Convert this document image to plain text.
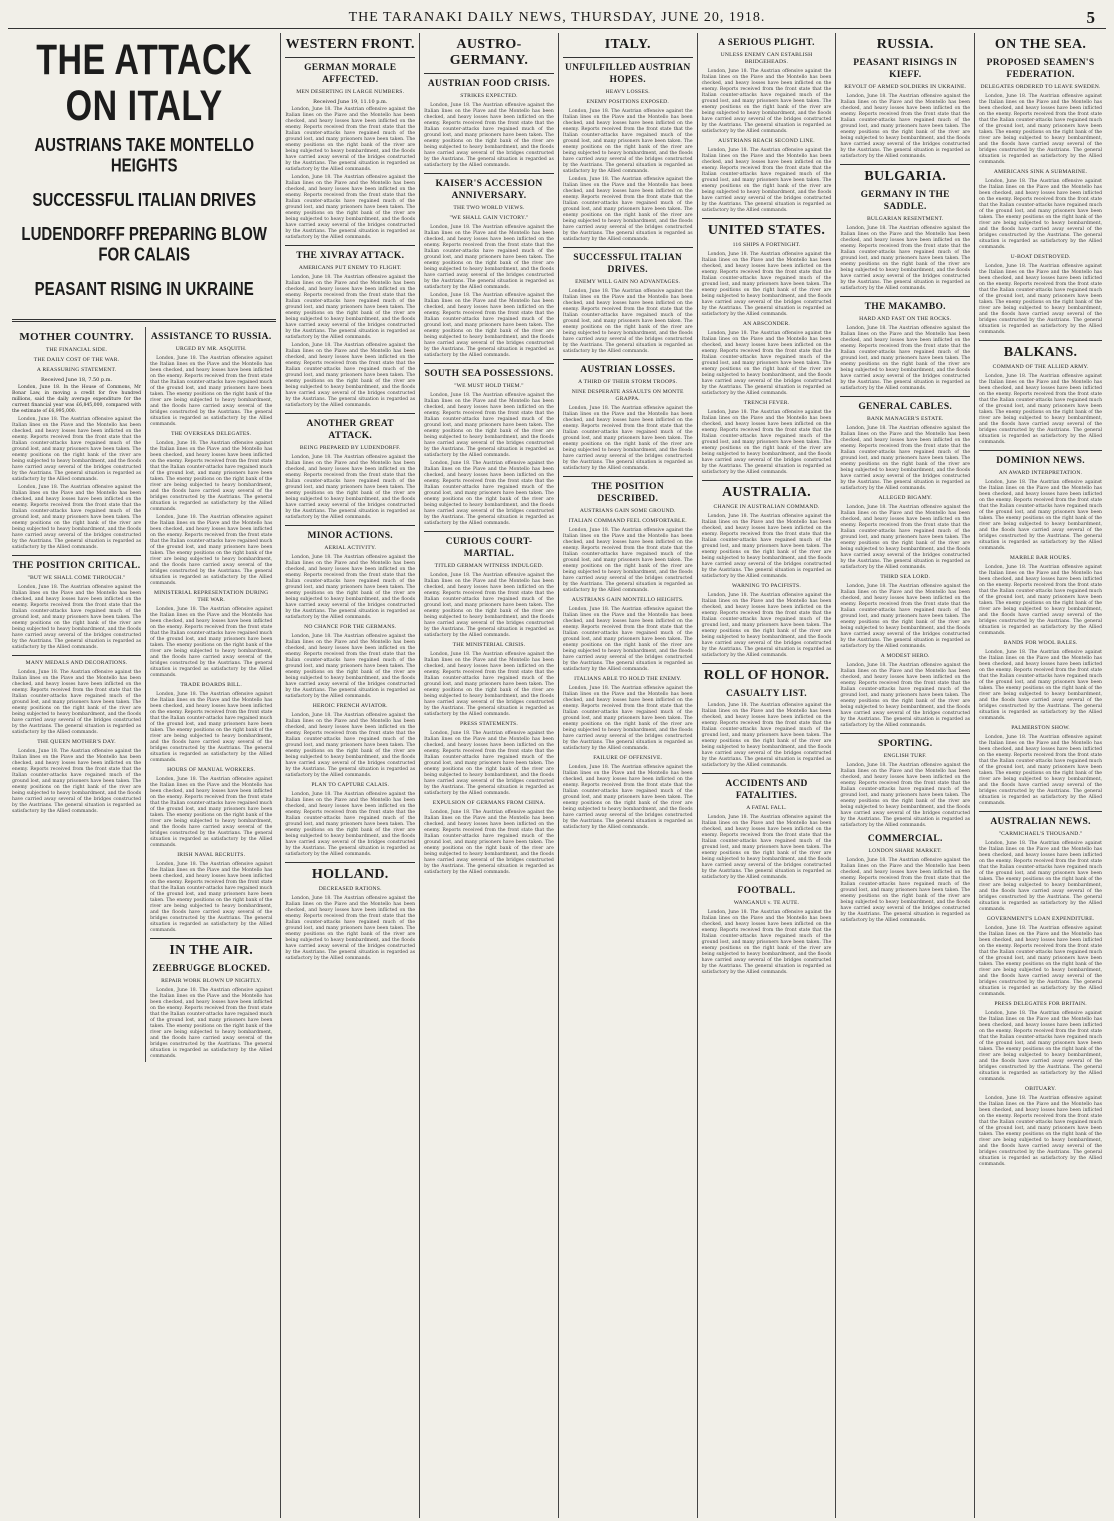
THE TARANAKI DAILY NEWS, THURSDAY, JUNE 20, 1918.	5
THE ATTACK ON ITALY
AUSTRIANS TAKE MONTELLO HEIGHTS
SUCCESSFUL ITALIAN DRIVES
LUDENDORFF PREPARING BLOW FOR CALAIS
PEASANT RISING IN UKRAINE
MOTHER COUNTRY.
THE FINANCIAL SIDE.
THE DAILY COST OF THE WAR.
A REASSURING STATEMENT.
Received June 18, 7.50 p.m.

London, June 18. In the House of Commons, Mr Bonar Law, in moving a credit for five hundred millions, said the daily average expenditure for the current financial year was £6,845,000, compared with the estimate of £6,995,000.

London, June 18. The Austrian offensive against the Italian lines on the Piave and the Montello has been checked, and heavy losses have been inflicted on the enemy. Reports received from the front state that the Italian counter-attacks have regained much of the ground lost, and many prisoners have been taken. The enemy positions on the right bank of the river are being subjected to heavy bombardment, and the floods have carried away several of the bridges constructed by the Austrians. The general situation is regarded as satisfactory by the Allied commands.

London, June 18. The Austrian offensive against the Italian lines on the Piave and the Montello has been checked, and heavy losses have been inflicted on the enemy. Reports received from the front state that the Italian counter-attacks have regained much of the ground lost, and many prisoners have been taken. The enemy positions on the right bank of the river are being subjected to heavy bombardment, and the floods have carried away several of the bridges constructed by the Austrians. The general situation is regarded as satisfactory by the Allied commands.

THE POSITION CRITICAL.
"BUT WE SHALL COME THROUGH."

London, June 18. The Austrian offensive against the Italian lines on the Piave and the Montello has been checked, and heavy losses have been inflicted on the enemy. Reports received from the front state that the Italian counter-attacks have regained much of the ground lost, and many prisoners have been taken. The enemy positions on the right bank of the river are being subjected to heavy bombardment, and the floods have carried away several of the bridges constructed by the Austrians. The general situation is regarded as satisfactory by the Allied commands.

MANY MEDALS AND DECORATIONS.

London, June 18. The Austrian offensive against the Italian lines on the Piave and the Montello has been checked, and heavy losses have been inflicted on the enemy. Reports received from the front state that the Italian counter-attacks have regained much of the ground lost, and many prisoners have been taken. The enemy positions on the right bank of the river are being subjected to heavy bombardment, and the floods have carried away several of the bridges constructed by the Austrians. The general situation is regarded as satisfactory by the Allied commands.

THE QUEEN MOTHER'S DAY.

London, June 18. The Austrian offensive against the Italian lines on the Piave and the Montello has been checked, and heavy losses have been inflicted on the enemy. Reports received from the front state that the Italian counter-attacks have regained much of the ground lost, and many prisoners have been taken. The enemy positions on the right bank of the river are being subjected to heavy bombardment, and the floods have carried away several of the bridges constructed by the Austrians. The general situation is regarded as satisfactory by the Allied commands.

ASSISTANCE TO RUSSIA.
URGED BY MR. ASQUITH.

London, June 18. The Austrian offensive against the Italian lines on the Piave and the Montello has been checked, and heavy losses have been inflicted on the enemy. Reports received from the front state that the Italian counter-attacks have regained much of the ground lost, and many prisoners have been taken. The enemy positions on the right bank of the river are being subjected to heavy bombardment, and the floods have carried away several of the bridges constructed by the Austrians. The general situation is regarded as satisfactory by the Allied commands.

THE OVERSEAS DELEGATES.

London, June 18. The Austrian offensive against the Italian lines on the Piave and the Montello has been checked, and heavy losses have been inflicted on the enemy. Reports received from the front state that the Italian counter-attacks have regained much of the ground lost, and many prisoners have been taken. The enemy positions on the right bank of the river are being subjected to heavy bombardment, and the floods have carried away several of the bridges constructed by the Austrians. The general situation is regarded as satisfactory by the Allied commands.

London, June 18. The Austrian offensive against the Italian lines on the Piave and the Montello has been checked, and heavy losses have been inflicted on the enemy. Reports received from the front state that the Italian counter-attacks have regained much of the ground lost, and many prisoners have been taken. The enemy positions on the right bank of the river are being subjected to heavy bombardment, and the floods have carried away several of the bridges constructed by the Austrians. The general situation is regarded as satisfactory by the Allied commands.

MINISTERIAL REPRESENTATION DURING THE WAR.

London, June 18. The Austrian offensive against the Italian lines on the Piave and the Montello has been checked, and heavy losses have been inflicted on the enemy. Reports received from the front state that the Italian counter-attacks have regained much of the ground lost, and many prisoners have been taken. The enemy positions on the right bank of the river are being subjected to heavy bombardment, and the floods have carried away several of the bridges constructed by the Austrians. The general situation is regarded as satisfactory by the Allied commands.

TRADE BOARDS BILL.

London, June 18. The Austrian offensive against the Italian lines on the Piave and the Montello has been checked, and heavy losses have been inflicted on the enemy. Reports received from the front state that the Italian counter-attacks have regained much of the ground lost, and many prisoners have been taken. The enemy positions on the right bank of the river are being subjected to heavy bombardment, and the floods have carried away several of the bridges constructed by the Austrians. The general situation is regarded as satisfactory by the Allied commands.

HOURS OF MANUAL WORKERS.

London, June 18. The Austrian offensive against the Italian lines on the Piave and the Montello has been checked, and heavy losses have been inflicted on the enemy. Reports received from the front state that the Italian counter-attacks have regained much of the ground lost, and many prisoners have been taken. The enemy positions on the right bank of the river are being subjected to heavy bombardment, and the floods have carried away several of the bridges constructed by the Austrians. The general situation is regarded as satisfactory by the Allied commands.

IRISH NAVAL RECRUITS.

London, June 18. The Austrian offensive against the Italian lines on the Piave and the Montello has been checked, and heavy losses have been inflicted on the enemy. Reports received from the front state that the Italian counter-attacks have regained much of the ground lost, and many prisoners have been taken. The enemy positions on the right bank of the river are being subjected to heavy bombardment, and the floods have carried away several of the bridges constructed by the Austrians. The general situation is regarded as satisfactory by the Allied commands.

IN THE AIR.
ZEEBRUGGE BLOCKED.
REPAIR WORK BLOWN UP NIGHTLY.

London, June 18. The Austrian offensive against the Italian lines on the Piave and the Montello has been checked, and heavy losses have been inflicted on the enemy. Reports received from the front state that the Italian counter-attacks have regained much of the ground lost, and many prisoners have been taken. The enemy positions on the right bank of the river are being subjected to heavy bombardment, and the floods have carried away several of the bridges constructed by the Austrians. The general situation is regarded as satisfactory by the Allied commands.

WESTERN FRONT.
GERMAN MORALE AFFECTED.
MEN DESERTING IN LARGE NUMBERS.
Received June 19, 11.10 p.m.

London, June 18. The Austrian offensive against the Italian lines on the Piave and the Montello has been checked, and heavy losses have been inflicted on the enemy. Reports received from the front state that the Italian counter-attacks have regained much of the ground lost, and many prisoners have been taken. The enemy positions on the right bank of the river are being subjected to heavy bombardment, and the floods have carried away several of the bridges constructed by the Austrians. The general situation is regarded as satisfactory by the Allied commands.

London, June 18. The Austrian offensive against the Italian lines on the Piave and the Montello has been checked, and heavy losses have been inflicted on the enemy. Reports received from the front state that the Italian counter-attacks have regained much of the ground lost, and many prisoners have been taken. The enemy positions on the right bank of the river are being subjected to heavy bombardment, and the floods have carried away several of the bridges constructed by the Austrians. The general situation is regarded as satisfactory by the Allied commands.

THE XIVRAY ATTACK.
AMERICANS PUT ENEMY TO FLIGHT.

London, June 18. The Austrian offensive against the Italian lines on the Piave and the Montello has been checked, and heavy losses have been inflicted on the enemy. Reports received from the front state that the Italian counter-attacks have regained much of the ground lost, and many prisoners have been taken. The enemy positions on the right bank of the river are being subjected to heavy bombardment, and the floods have carried away several of the bridges constructed by the Austrians. The general situation is regarded as satisfactory by the Allied commands.

London, June 18. The Austrian offensive against the Italian lines on the Piave and the Montello has been checked, and heavy losses have been inflicted on the enemy. Reports received from the front state that the Italian counter-attacks have regained much of the ground lost, and many prisoners have been taken. The enemy positions on the right bank of the river are being subjected to heavy bombardment, and the floods have carried away several of the bridges constructed by the Austrians. The general situation is regarded as satisfactory by the Allied commands.

ANOTHER GREAT ATTACK.
BEING PREPARED BY LUDENDORFF.

London, June 18. The Austrian offensive against the Italian lines on the Piave and the Montello has been checked, and heavy losses have been inflicted on the enemy. Reports received from the front state that the Italian counter-attacks have regained much of the ground lost, and many prisoners have been taken. The enemy positions on the right bank of the river are being subjected to heavy bombardment, and the floods have carried away several of the bridges constructed by the Austrians. The general situation is regarded as satisfactory by the Allied commands.

MINOR ACTIONS.
AERIAL ACTIVITY.

London, June 18. The Austrian offensive against the Italian lines on the Piave and the Montello has been checked, and heavy losses have been inflicted on the enemy. Reports received from the front state that the Italian counter-attacks have regained much of the ground lost, and many prisoners have been taken. The enemy positions on the right bank of the river are being subjected to heavy bombardment, and the floods have carried away several of the bridges constructed by the Austrians. The general situation is regarded as satisfactory by the Allied commands.

NO CHANCE FOR THE GERMANS.

London, June 18. The Austrian offensive against the Italian lines on the Piave and the Montello has been checked, and heavy losses have been inflicted on the enemy. Reports received from the front state that the Italian counter-attacks have regained much of the ground lost, and many prisoners have been taken. The enemy positions on the right bank of the river are being subjected to heavy bombardment, and the floods have carried away several of the bridges constructed by the Austrians. The general situation is regarded as satisfactory by the Allied commands.

HEROIC FRENCH AVIATOR.

London, June 18. The Austrian offensive against the Italian lines on the Piave and the Montello has been checked, and heavy losses have been inflicted on the enemy. Reports received from the front state that the Italian counter-attacks have regained much of the ground lost, and many prisoners have been taken. The enemy positions on the right bank of the river are being subjected to heavy bombardment, and the floods have carried away several of the bridges constructed by the Austrians. The general situation is regarded as satisfactory by the Allied commands.

PLAN TO CAPTURE CALAIS.

London, June 18. The Austrian offensive against the Italian lines on the Piave and the Montello has been checked, and heavy losses have been inflicted on the enemy. Reports received from the front state that the Italian counter-attacks have regained much of the ground lost, and many prisoners have been taken. The enemy positions on the right bank of the river are being subjected to heavy bombardment, and the floods have carried away several of the bridges constructed by the Austrians. The general situation is regarded as satisfactory by the Allied commands.

HOLLAND.
DECREASED RATIONS.

London, June 18. The Austrian offensive against the Italian lines on the Piave and the Montello has been checked, and heavy losses have been inflicted on the enemy. Reports received from the front state that the Italian counter-attacks have regained much of the ground lost, and many prisoners have been taken. The enemy positions on the right bank of the river are being subjected to heavy bombardment, and the floods have carried away several of the bridges constructed by the Austrians. The general situation is regarded as satisfactory by the Allied commands.

AUSTRO-GERMANY.
AUSTRIAN FOOD CRISIS.
STRIKES EXPECTED.

London, June 18. The Austrian offensive against the Italian lines on the Piave and the Montello has been checked, and heavy losses have been inflicted on the enemy. Reports received from the front state that the Italian counter-attacks have regained much of the ground lost, and many prisoners have been taken. The enemy positions on the right bank of the river are being subjected to heavy bombardment, and the floods have carried away several of the bridges constructed by the Austrians. The general situation is regarded as satisfactory by the Allied commands.

KAISER'S ACCESSION ANNIVERSARY.
THE TWO WORLD VIEWS.
"WE SHALL GAIN VICTORY."

London, June 18. The Austrian offensive against the Italian lines on the Piave and the Montello has been checked, and heavy losses have been inflicted on the enemy. Reports received from the front state that the Italian counter-attacks have regained much of the ground lost, and many prisoners have been taken. The enemy positions on the right bank of the river are being subjected to heavy bombardment, and the floods have carried away several of the bridges constructed by the Austrians. The general situation is regarded as satisfactory by the Allied commands.

London, June 18. The Austrian offensive against the Italian lines on the Piave and the Montello has been checked, and heavy losses have been inflicted on the enemy. Reports received from the front state that the Italian counter-attacks have regained much of the ground lost, and many prisoners have been taken. The enemy positions on the right bank of the river are being subjected to heavy bombardment, and the floods have carried away several of the bridges constructed by the Austrians. The general situation is regarded as satisfactory by the Allied commands.

SOUTH SEA POSSESSIONS.
"WE MUST HOLD THEM."

London, June 18. The Austrian offensive against the Italian lines on the Piave and the Montello has been checked, and heavy losses have been inflicted on the enemy. Reports received from the front state that the Italian counter-attacks have regained much of the ground lost, and many prisoners have been taken. The enemy positions on the right bank of the river are being subjected to heavy bombardment, and the floods have carried away several of the bridges constructed by the Austrians. The general situation is regarded as satisfactory by the Allied commands.

London, June 18. The Austrian offensive against the Italian lines on the Piave and the Montello has been checked, and heavy losses have been inflicted on the enemy. Reports received from the front state that the Italian counter-attacks have regained much of the ground lost, and many prisoners have been taken. The enemy positions on the right bank of the river are being subjected to heavy bombardment, and the floods have carried away several of the bridges constructed by the Austrians. The general situation is regarded as satisfactory by the Allied commands.

CURIOUS COURT-MARTIAL.
TITLED GERMAN WITNESS INDULGED.

London, June 18. The Austrian offensive against the Italian lines on the Piave and the Montello has been checked, and heavy losses have been inflicted on the enemy. Reports received from the front state that the Italian counter-attacks have regained much of the ground lost, and many prisoners have been taken. The enemy positions on the right bank of the river are being subjected to heavy bombardment, and the floods have carried away several of the bridges constructed by the Austrians. The general situation is regarded as satisfactory by the Allied commands.

THE MINISTERIAL CRISIS.

London, June 18. The Austrian offensive against the Italian lines on the Piave and the Montello has been checked, and heavy losses have been inflicted on the enemy. Reports received from the front state that the Italian counter-attacks have regained much of the ground lost, and many prisoners have been taken. The enemy positions on the right bank of the river are being subjected to heavy bombardment, and the floods have carried away several of the bridges constructed by the Austrians. The general situation is regarded as satisfactory by the Allied commands.

PRESS STATEMENTS.

London, June 18. The Austrian offensive against the Italian lines on the Piave and the Montello has been checked, and heavy losses have been inflicted on the enemy. Reports received from the front state that the Italian counter-attacks have regained much of the ground lost, and many prisoners have been taken. The enemy positions on the right bank of the river are being subjected to heavy bombardment, and the floods have carried away several of the bridges constructed by the Austrians. The general situation is regarded as satisfactory by the Allied commands.

EXPULSION OF GERMANS FROM CHINA.

London, June 18. The Austrian offensive against the Italian lines on the Piave and the Montello has been checked, and heavy losses have been inflicted on the enemy. Reports received from the front state that the Italian counter-attacks have regained much of the ground lost, and many prisoners have been taken. The enemy positions on the right bank of the river are being subjected to heavy bombardment, and the floods have carried away several of the bridges constructed by the Austrians. The general situation is regarded as satisfactory by the Allied commands.

ITALY.
UNFULFILLED AUSTRIAN HOPES.
HEAVY LOSSES.
ENEMY POSITIONS EXPOSED.

London, June 18. The Austrian offensive against the Italian lines on the Piave and the Montello has been checked, and heavy losses have been inflicted on the enemy. Reports received from the front state that the Italian counter-attacks have regained much of the ground lost, and many prisoners have been taken. The enemy positions on the right bank of the river are being subjected to heavy bombardment, and the floods have carried away several of the bridges constructed by the Austrians. The general situation is regarded as satisfactory by the Allied commands.

London, June 18. The Austrian offensive against the Italian lines on the Piave and the Montello has been checked, and heavy losses have been inflicted on the enemy. Reports received from the front state that the Italian counter-attacks have regained much of the ground lost, and many prisoners have been taken. The enemy positions on the right bank of the river are being subjected to heavy bombardment, and the floods have carried away several of the bridges constructed by the Austrians. The general situation is regarded as satisfactory by the Allied commands.

SUCCESSFUL ITALIAN DRIVES.
ENEMY WILL GAIN NO ADVANTAGES.

London, June 18. The Austrian offensive against the Italian lines on the Piave and the Montello has been checked, and heavy losses have been inflicted on the enemy. Reports received from the front state that the Italian counter-attacks have regained much of the ground lost, and many prisoners have been taken. The enemy positions on the right bank of the river are being subjected to heavy bombardment, and the floods have carried away several of the bridges constructed by the Austrians. The general situation is regarded as satisfactory by the Allied commands.

AUSTRIAN LOSSES.
A THIRD OF THEIR STORM TROOPS.
NINE DESPERATE ASSAULTS ON MONTE GRAPPA.

London, June 18. The Austrian offensive against the Italian lines on the Piave and the Montello has been checked, and heavy losses have been inflicted on the enemy. Reports received from the front state that the Italian counter-attacks have regained much of the ground lost, and many prisoners have been taken. The enemy positions on the right bank of the river are being subjected to heavy bombardment, and the floods have carried away several of the bridges constructed by the Austrians. The general situation is regarded as satisfactory by the Allied commands.

THE POSITION DESCRIBED.
AUSTRIANS GAIN SOME GROUND.
ITALIAN COMMAND FEEL COMFORTABLE.

London, June 18. The Austrian offensive against the Italian lines on the Piave and the Montello has been checked, and heavy losses have been inflicted on the enemy. Reports received from the front state that the Italian counter-attacks have regained much of the ground lost, and many prisoners have been taken. The enemy positions on the right bank of the river are being subjected to heavy bombardment, and the floods have carried away several of the bridges constructed by the Austrians. The general situation is regarded as satisfactory by the Allied commands.

AUSTRIANS GAIN MONTELLO HEIGHTS.

London, June 18. The Austrian offensive against the Italian lines on the Piave and the Montello has been checked, and heavy losses have been inflicted on the enemy. Reports received from the front state that the Italian counter-attacks have regained much of the ground lost, and many prisoners have been taken. The enemy positions on the right bank of the river are being subjected to heavy bombardment, and the floods have carried away several of the bridges constructed by the Austrians. The general situation is regarded as satisfactory by the Allied commands.

ITALIANS ABLE TO HOLD THE ENEMY.

London, June 18. The Austrian offensive against the Italian lines on the Piave and the Montello has been checked, and heavy losses have been inflicted on the enemy. Reports received from the front state that the Italian counter-attacks have regained much of the ground lost, and many prisoners have been taken. The enemy positions on the right bank of the river are being subjected to heavy bombardment, and the floods have carried away several of the bridges constructed by the Austrians. The general situation is regarded as satisfactory by the Allied commands.

FAILURE OF OFFENSIVE.

London, June 18. The Austrian offensive against the Italian lines on the Piave and the Montello has been checked, and heavy losses have been inflicted on the enemy. Reports received from the front state that the Italian counter-attacks have regained much of the ground lost, and many prisoners have been taken. The enemy positions on the right bank of the river are being subjected to heavy bombardment, and the floods have carried away several of the bridges constructed by the Austrians. The general situation is regarded as satisfactory by the Allied commands.

A SERIOUS PLIGHT.
UNLESS ENEMY CAN ESTABLISH BRIDGEHEADS.

London, June 18. The Austrian offensive against the Italian lines on the Piave and the Montello has been checked, and heavy losses have been inflicted on the enemy. Reports received from the front state that the Italian counter-attacks have regained much of the ground lost, and many prisoners have been taken. The enemy positions on the right bank of the river are being subjected to heavy bombardment, and the floods have carried away several of the bridges constructed by the Austrians. The general situation is regarded as satisfactory by the Allied commands.

AUSTRIANS REACH SECOND LINE.

London, June 18. The Austrian offensive against the Italian lines on the Piave and the Montello has been checked, and heavy losses have been inflicted on the enemy. Reports received from the front state that the Italian counter-attacks have regained much of the ground lost, and many prisoners have been taken. The enemy positions on the right bank of the river are being subjected to heavy bombardment, and the floods have carried away several of the bridges constructed by the Austrians. The general situation is regarded as satisfactory by the Allied commands.

UNITED STATES.
116 SHIPS A FORTNIGHT.

London, June 18. The Austrian offensive against the Italian lines on the Piave and the Montello has been checked, and heavy losses have been inflicted on the enemy. Reports received from the front state that the Italian counter-attacks have regained much of the ground lost, and many prisoners have been taken. The enemy positions on the right bank of the river are being subjected to heavy bombardment, and the floods have carried away several of the bridges constructed by the Austrians. The general situation is regarded as satisfactory by the Allied commands.

AN ABSCONDER.

London, June 18. The Austrian offensive against the Italian lines on the Piave and the Montello has been checked, and heavy losses have been inflicted on the enemy. Reports received from the front state that the Italian counter-attacks have regained much of the ground lost, and many prisoners have been taken. The enemy positions on the right bank of the river are being subjected to heavy bombardment, and the floods have carried away several of the bridges constructed by the Austrians. The general situation is regarded as satisfactory by the Allied commands.

TRENCH FEVER.

London, June 18. The Austrian offensive against the Italian lines on the Piave and the Montello has been checked, and heavy losses have been inflicted on the enemy. Reports received from the front state that the Italian counter-attacks have regained much of the ground lost, and many prisoners have been taken. The enemy positions on the right bank of the river are being subjected to heavy bombardment, and the floods have carried away several of the bridges constructed by the Austrians. The general situation is regarded as satisfactory by the Allied commands.

AUSTRALIA.
CHANGE IN AUSTRALIAN COMMAND.

London, June 18. The Austrian offensive against the Italian lines on the Piave and the Montello has been checked, and heavy losses have been inflicted on the enemy. Reports received from the front state that the Italian counter-attacks have regained much of the ground lost, and many prisoners have been taken. The enemy positions on the right bank of the river are being subjected to heavy bombardment, and the floods have carried away several of the bridges constructed by the Austrians. The general situation is regarded as satisfactory by the Allied commands.

WARNING TO PACIFISTS.

London, June 18. The Austrian offensive against the Italian lines on the Piave and the Montello has been checked, and heavy losses have been inflicted on the enemy. Reports received from the front state that the Italian counter-attacks have regained much of the ground lost, and many prisoners have been taken. The enemy positions on the right bank of the river are being subjected to heavy bombardment, and the floods have carried away several of the bridges constructed by the Austrians. The general situation is regarded as satisfactory by the Allied commands.

ROLL OF HONOR.
CASUALTY LIST.

London, June 18. The Austrian offensive against the Italian lines on the Piave and the Montello has been checked, and heavy losses have been inflicted on the enemy. Reports received from the front state that the Italian counter-attacks have regained much of the ground lost, and many prisoners have been taken. The enemy positions on the right bank of the river are being subjected to heavy bombardment, and the floods have carried away several of the bridges constructed by the Austrians. The general situation is regarded as satisfactory by the Allied commands.

ACCIDENTS AND FATALITIES.
A FATAL FALL.

London, June 18. The Austrian offensive against the Italian lines on the Piave and the Montello has been checked, and heavy losses have been inflicted on the enemy. Reports received from the front state that the Italian counter-attacks have regained much of the ground lost, and many prisoners have been taken. The enemy positions on the right bank of the river are being subjected to heavy bombardment, and the floods have carried away several of the bridges constructed by the Austrians. The general situation is regarded as satisfactory by the Allied commands.

FOOTBALL.
WANGANUI v. TE AUTE.

London, June 18. The Austrian offensive against the Italian lines on the Piave and the Montello has been checked, and heavy losses have been inflicted on the enemy. Reports received from the front state that the Italian counter-attacks have regained much of the ground lost, and many prisoners have been taken. The enemy positions on the right bank of the river are being subjected to heavy bombardment, and the floods have carried away several of the bridges constructed by the Austrians. The general situation is regarded as satisfactory by the Allied commands.

RUSSIA.
PEASANT RISINGS IN KIEFF.
REVOLT OF ARMED SOLDIERS IN UKRAINE.

London, June 18. The Austrian offensive against the Italian lines on the Piave and the Montello has been checked, and heavy losses have been inflicted on the enemy. Reports received from the front state that the Italian counter-attacks have regained much of the ground lost, and many prisoners have been taken. The enemy positions on the right bank of the river are being subjected to heavy bombardment, and the floods have carried away several of the bridges constructed by the Austrians. The general situation is regarded as satisfactory by the Allied commands.

BULGARIA.
GERMANY IN THE SADDLE.
BULGARIAN RESENTMENT.

London, June 18. The Austrian offensive against the Italian lines on the Piave and the Montello has been checked, and heavy losses have been inflicted on the enemy. Reports received from the front state that the Italian counter-attacks have regained much of the ground lost, and many prisoners have been taken. The enemy positions on the right bank of the river are being subjected to heavy bombardment, and the floods have carried away several of the bridges constructed by the Austrians. The general situation is regarded as satisfactory by the Allied commands.

THE MAKAMBO.
HARD AND FAST ON THE ROCKS.

London, June 18. The Austrian offensive against the Italian lines on the Piave and the Montello has been checked, and heavy losses have been inflicted on the enemy. Reports received from the front state that the Italian counter-attacks have regained much of the ground lost, and many prisoners have been taken. The enemy positions on the right bank of the river are being subjected to heavy bombardment, and the floods have carried away several of the bridges constructed by the Austrians. The general situation is regarded as satisfactory by the Allied commands.

GENERAL CABLES.
BANK MANAGER'S ESTATE.

London, June 18. The Austrian offensive against the Italian lines on the Piave and the Montello has been checked, and heavy losses have been inflicted on the enemy. Reports received from the front state that the Italian counter-attacks have regained much of the ground lost, and many prisoners have been taken. The enemy positions on the right bank of the river are being subjected to heavy bombardment, and the floods have carried away several of the bridges constructed by the Austrians. The general situation is regarded as satisfactory by the Allied commands.

ALLEGED BIGAMY.

London, June 18. The Austrian offensive against the Italian lines on the Piave and the Montello has been checked, and heavy losses have been inflicted on the enemy. Reports received from the front state that the Italian counter-attacks have regained much of the ground lost, and many prisoners have been taken. The enemy positions on the right bank of the river are being subjected to heavy bombardment, and the floods have carried away several of the bridges constructed by the Austrians. The general situation is regarded as satisfactory by the Allied commands.

THIRD SEA LORD.

London, June 18. The Austrian offensive against the Italian lines on the Piave and the Montello has been checked, and heavy losses have been inflicted on the enemy. Reports received from the front state that the Italian counter-attacks have regained much of the ground lost, and many prisoners have been taken. The enemy positions on the right bank of the river are being subjected to heavy bombardment, and the floods have carried away several of the bridges constructed by the Austrians. The general situation is regarded as satisfactory by the Allied commands.

A MODEST HERO.

London, June 18. The Austrian offensive against the Italian lines on the Piave and the Montello has been checked, and heavy losses have been inflicted on the enemy. Reports received from the front state that the Italian counter-attacks have regained much of the ground lost, and many prisoners have been taken. The enemy positions on the right bank of the river are being subjected to heavy bombardment, and the floods have carried away several of the bridges constructed by the Austrians. The general situation is regarded as satisfactory by the Allied commands.

SPORTING.
ENGLISH TURF.

London, June 18. The Austrian offensive against the Italian lines on the Piave and the Montello has been checked, and heavy losses have been inflicted on the enemy. Reports received from the front state that the Italian counter-attacks have regained much of the ground lost, and many prisoners have been taken. The enemy positions on the right bank of the river are being subjected to heavy bombardment, and the floods have carried away several of the bridges constructed by the Austrians. The general situation is regarded as satisfactory by the Allied commands.

COMMERCIAL.
LONDON SHARE MARKET.

London, June 18. The Austrian offensive against the Italian lines on the Piave and the Montello has been checked, and heavy losses have been inflicted on the enemy. Reports received from the front state that the Italian counter-attacks have regained much of the ground lost, and many prisoners have been taken. The enemy positions on the right bank of the river are being subjected to heavy bombardment, and the floods have carried away several of the bridges constructed by the Austrians. The general situation is regarded as satisfactory by the Allied commands.

ON THE SEA.
PROPOSED SEAMEN'S FEDERATION.
DELEGATES ORDERED TO LEAVE SWEDEN.

London, June 18. The Austrian offensive against the Italian lines on the Piave and the Montello has been checked, and heavy losses have been inflicted on the enemy. Reports received from the front state that the Italian counter-attacks have regained much of the ground lost, and many prisoners have been taken. The enemy positions on the right bank of the river are being subjected to heavy bombardment, and the floods have carried away several of the bridges constructed by the Austrians. The general situation is regarded as satisfactory by the Allied commands.

AMERICANS SINK A SUBMARINE.

London, June 18. The Austrian offensive against the Italian lines on the Piave and the Montello has been checked, and heavy losses have been inflicted on the enemy. Reports received from the front state that the Italian counter-attacks have regained much of the ground lost, and many prisoners have been taken. The enemy positions on the right bank of the river are being subjected to heavy bombardment, and the floods have carried away several of the bridges constructed by the Austrians. The general situation is regarded as satisfactory by the Allied commands.

U-BOAT DESTROYED.

London, June 18. The Austrian offensive against the Italian lines on the Piave and the Montello has been checked, and heavy losses have been inflicted on the enemy. Reports received from the front state that the Italian counter-attacks have regained much of the ground lost, and many prisoners have been taken. The enemy positions on the right bank of the river are being subjected to heavy bombardment, and the floods have carried away several of the bridges constructed by the Austrians. The general situation is regarded as satisfactory by the Allied commands.

BALKANS.
COMMAND OF THE ALLIED ARMY.

London, June 18. The Austrian offensive against the Italian lines on the Piave and the Montello has been checked, and heavy losses have been inflicted on the enemy. Reports received from the front state that the Italian counter-attacks have regained much of the ground lost, and many prisoners have been taken. The enemy positions on the right bank of the river are being subjected to heavy bombardment, and the floods have carried away several of the bridges constructed by the Austrians. The general situation is regarded as satisfactory by the Allied commands.

DOMINION NEWS.
AN AWARD INTERPRETATION.

London, June 18. The Austrian offensive against the Italian lines on the Piave and the Montello has been checked, and heavy losses have been inflicted on the enemy. Reports received from the front state that the Italian counter-attacks have regained much of the ground lost, and many prisoners have been taken. The enemy positions on the right bank of the river are being subjected to heavy bombardment, and the floods have carried away several of the bridges constructed by the Austrians. The general situation is regarded as satisfactory by the Allied commands.

MARBLE BAR HOURS.

London, June 18. The Austrian offensive against the Italian lines on the Piave and the Montello has been checked, and heavy losses have been inflicted on the enemy. Reports received from the front state that the Italian counter-attacks have regained much of the ground lost, and many prisoners have been taken. The enemy positions on the right bank of the river are being subjected to heavy bombardment, and the floods have carried away several of the bridges constructed by the Austrians. The general situation is regarded as satisfactory by the Allied commands.

BANDS FOR WOOL BALES.

London, June 18. The Austrian offensive against the Italian lines on the Piave and the Montello has been checked, and heavy losses have been inflicted on the enemy. Reports received from the front state that the Italian counter-attacks have regained much of the ground lost, and many prisoners have been taken. The enemy positions on the right bank of the river are being subjected to heavy bombardment, and the floods have carried away several of the bridges constructed by the Austrians. The general situation is regarded as satisfactory by the Allied commands.

PALMERSTON SHOW.

London, June 18. The Austrian offensive against the Italian lines on the Piave and the Montello has been checked, and heavy losses have been inflicted on the enemy. Reports received from the front state that the Italian counter-attacks have regained much of the ground lost, and many prisoners have been taken. The enemy positions on the right bank of the river are being subjected to heavy bombardment, and the floods have carried away several of the bridges constructed by the Austrians. The general situation is regarded as satisfactory by the Allied commands.

AUSTRALIAN NEWS.
"CARMICHAEL'S THOUSAND."

London, June 18. The Austrian offensive against the Italian lines on the Piave and the Montello has been checked, and heavy losses have been inflicted on the enemy. Reports received from the front state that the Italian counter-attacks have regained much of the ground lost, and many prisoners have been taken. The enemy positions on the right bank of the river are being subjected to heavy bombardment, and the floods have carried away several of the bridges constructed by the Austrians. The general situation is regarded as satisfactory by the Allied commands.

GOVERNMENT'S LOAN EXPENDITURE.

London, June 18. The Austrian offensive against the Italian lines on the Piave and the Montello has been checked, and heavy losses have been inflicted on the enemy. Reports received from the front state that the Italian counter-attacks have regained much of the ground lost, and many prisoners have been taken. The enemy positions on the right bank of the river are being subjected to heavy bombardment, and the floods have carried away several of the bridges constructed by the Austrians. The general situation is regarded as satisfactory by the Allied commands.

PRESS DELEGATES FOR BRITAIN.

London, June 18. The Austrian offensive against the Italian lines on the Piave and the Montello has been checked, and heavy losses have been inflicted on the enemy. Reports received from the front state that the Italian counter-attacks have regained much of the ground lost, and many prisoners have been taken. The enemy positions on the right bank of the river are being subjected to heavy bombardment, and the floods have carried away several of the bridges constructed by the Austrians. The general situation is regarded as satisfactory by the Allied commands.

OBITUARY.

London, June 18. The Austrian offensive against the Italian lines on the Piave and the Montello has been checked, and heavy losses have been inflicted on the enemy. Reports received from the front state that the Italian counter-attacks have regained much of the ground lost, and many prisoners have been taken. The enemy positions on the right bank of the river are being subjected to heavy bombardment, and the floods have carried away several of the bridges constructed by the Austrians. The general situation is regarded as satisfactory by the Allied commands.
